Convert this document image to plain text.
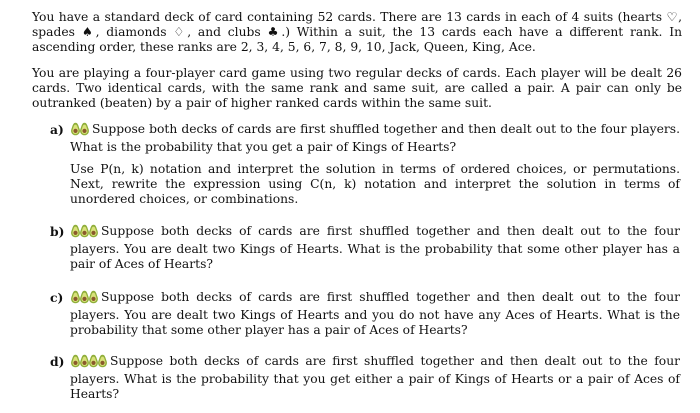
You have a standard deck of card containing 52 cards. There are 13 cards in each of 4 suits (hearts ♡, spades ♠, diamonds ♢, and clubs ♣.) Within a suit, the 13 cards each have a different rank. In ascending order, these ranks are 2, 3, 4, 5, 6, 7, 8, 9, 10, Jack, Queen, King, Ace.
You are playing a four-player card game using two regular decks of cards. Each player will be dealt 26 cards. Two identical cards, with the same rank and same suit, are called a pair. A pair can only be outranked (beaten) by a pair of higher ranked cards within the same suit.
a)	Suppose both decks of cards are first shuffled together and then dealt out to the four players. What is the probability that you get a pair of Kings of Hearts?
Use P(n, k) notation and interpret the solution in terms of ordered choices, or permutations. Next, rewrite the expression using C(n, k) notation and interpret the solution in terms of unordered choices, or combinations.
b)	Suppose both decks of cards are first shuffled together and then dealt out to the four players. You are dealt two Kings of Hearts. What is the probability that some other player has a pair of Aces of Hearts?
c)	Suppose both decks of cards are first shuffled together and then dealt out to the four players. You are dealt two Kings of Hearts and you do not have any Aces of Hearts. What is the probability that some other player has a pair of Aces of Hearts?
d)	Suppose both decks of cards are first shuffled together and then dealt out to the four players. What is the probability that you get either a pair of Kings of Hearts or a pair of Aces of Hearts?
